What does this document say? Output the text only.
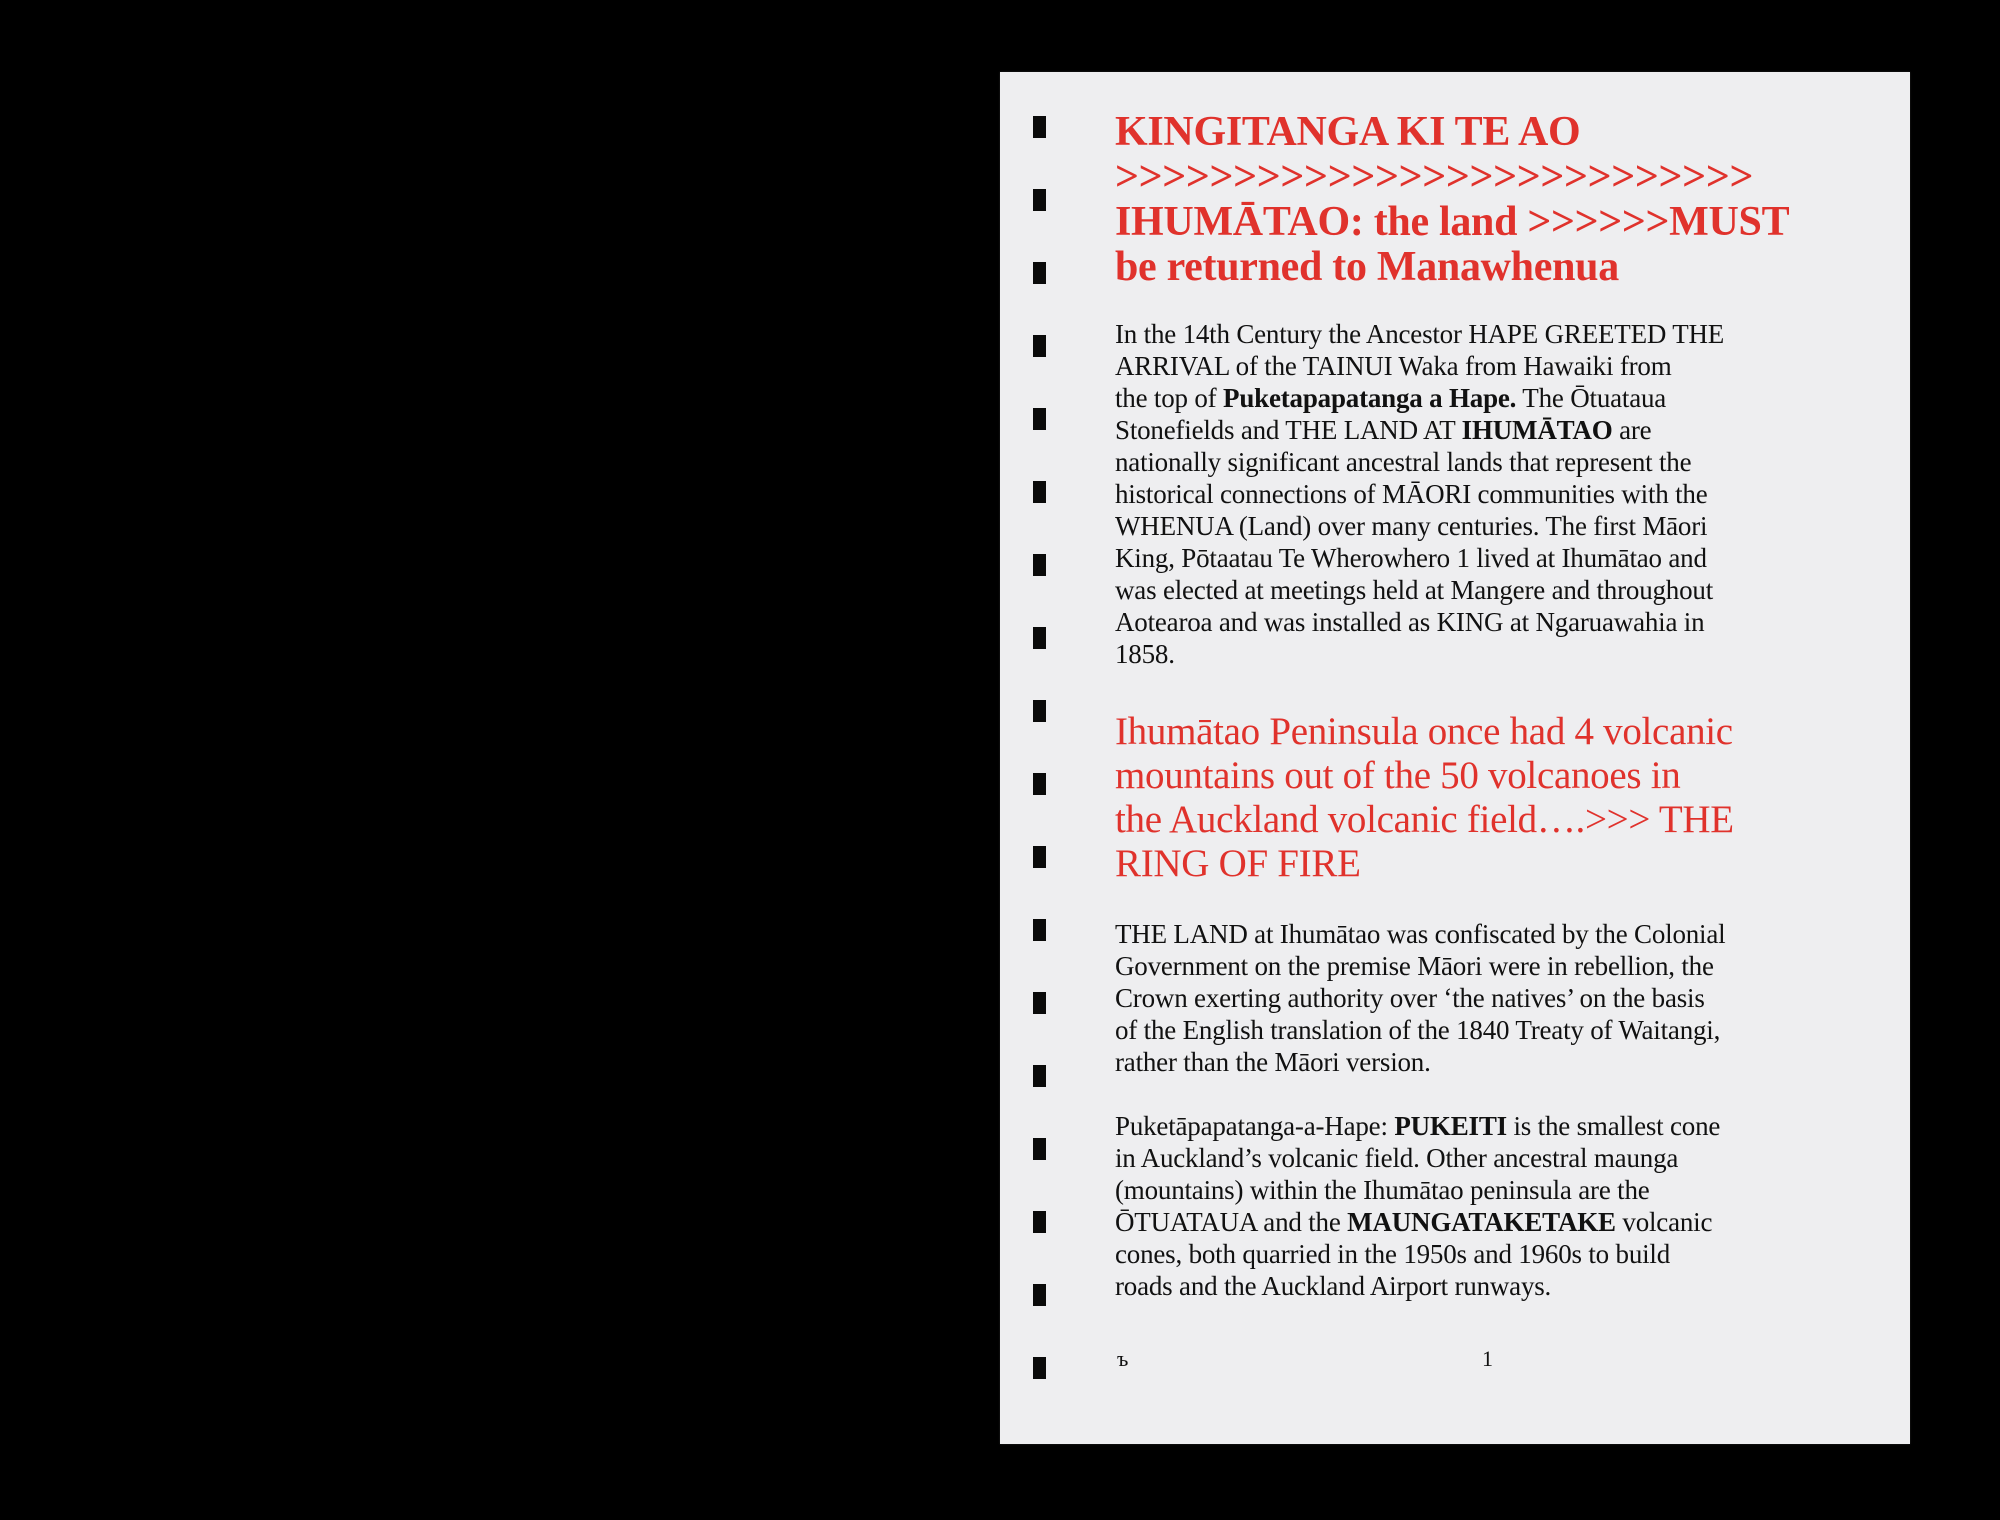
KINGITANGA KI TE AO
>>>>>>>>>>>>>>>>>>>>>>>>>>>
IHUMĀTAO: the land >>>>>>MUST
be returned to Manawhenua

In the 14th Century the Ancestor HAPE GREETED THE
ARRIVAL of the TAINUI Waka from Hawaiki from
the top of Puketapapatanga a Hape. The Ōtuataua
Stonefields and THE LAND AT IHUMĀTAO are
nationally significant ancestral lands that represent the
historical connections of MĀORI communities with the
WHENUA (Land) over many centuries. The first Māori
King, Pōtaatau Te Wherowhero 1 lived at Ihumātao and
was elected at meetings held at Mangere and throughout
Aotearoa and was installed as KING at Ngaruawahia in
1858.

Ihumātao Peninsula once had 4 volcanic
mountains out of the 50 volcanoes in
the Auckland volcanic field….>>> THE
RING OF FIRE

THE LAND at Ihumātao was confiscated by the Colonial
Government on the premise Māori were in rebellion, the
Crown exerting authority over ‘the natives’ on the basis
of the English translation of the 1840 Treaty of Waitangi,
rather than the Māori version.

Puketāpapatanga-a-Hape: PUKEITI is the smallest cone
in Auckland’s volcanic field. Other ancestral maunga
(mountains) within the Ihumātao peninsula are the
ŌTUATAUA and the MAUNGATAKETAKE volcanic
cones, both quarried in the 1950s and 1960s to build
roads and the Auckland Airport runways.

ъ	1
